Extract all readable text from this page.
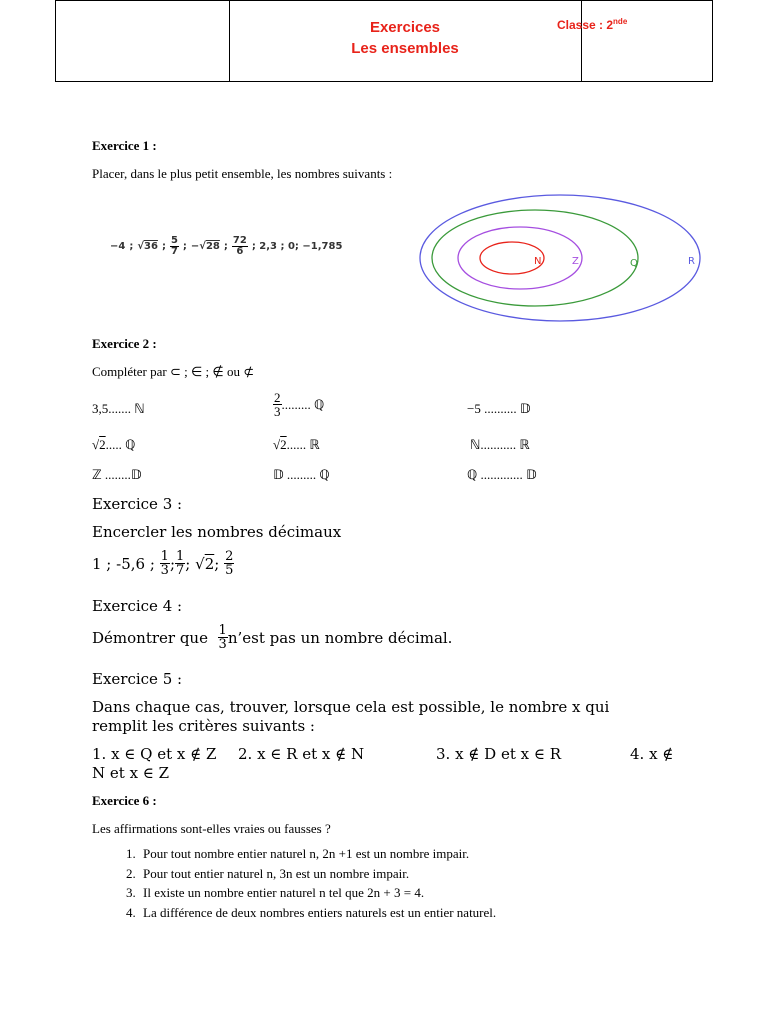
Exercices
Les ensembles
Classe : 2nde
Exercice 1 :
Placer, dans le plus petit ensemble, les nombres suivants :
−4 ; √36 ; $\frac{5}{7}$ ; −√28 ; $\frac{72}{6}$ ; 2,3 ; 0; −1,785
N	Z	Q	R
Exercice 2 :
Compléter par ⊂ ; ∈ ; ∉ ou ⊄
3,5....... ℕ	$\frac{2}{3}$ ......... ℚ	−5 .......... 𝔻
√2..... ℚ	√2...... ℝ	ℕ........... ℝ
ℤ ........𝔻	𝔻 ......... ℚ	ℚ ............. 𝔻
Exercice 3 :
Encercler les nombres décimaux
1 ; -5,6 ;
$\frac{1}{3}$ ; $\frac{1}{7}$ ;
√ 2 ;
$\frac{2}{5}$
Exercice 4 :
Démontrer que
$\frac{1}{3}$ n’est pas un nombre décimal.
Exercice 5 :
Dans chaque cas, trouver, lorsque cela est possible, le nombre x qui
remplit les critères suivants :
1. x ∈ Q et x ∉ Z 2. x ∈ R et x ∉ N	3. x ∉ D et x ∈ R	4. x ∉
N et x ∈ Z
Exercice 6 :
Les affirmations sont-elles vraies ou fausses ?
1. Pour tout nombre entier naturel n, 2n +1 est un nombre impair.
2. Pour tout entier naturel n, 3n est un nombre impair.
3. Il existe un nombre entier naturel n tel que 2n + 3 = 4.
4. La différence de deux nombres entiers naturels est un entier naturel.
